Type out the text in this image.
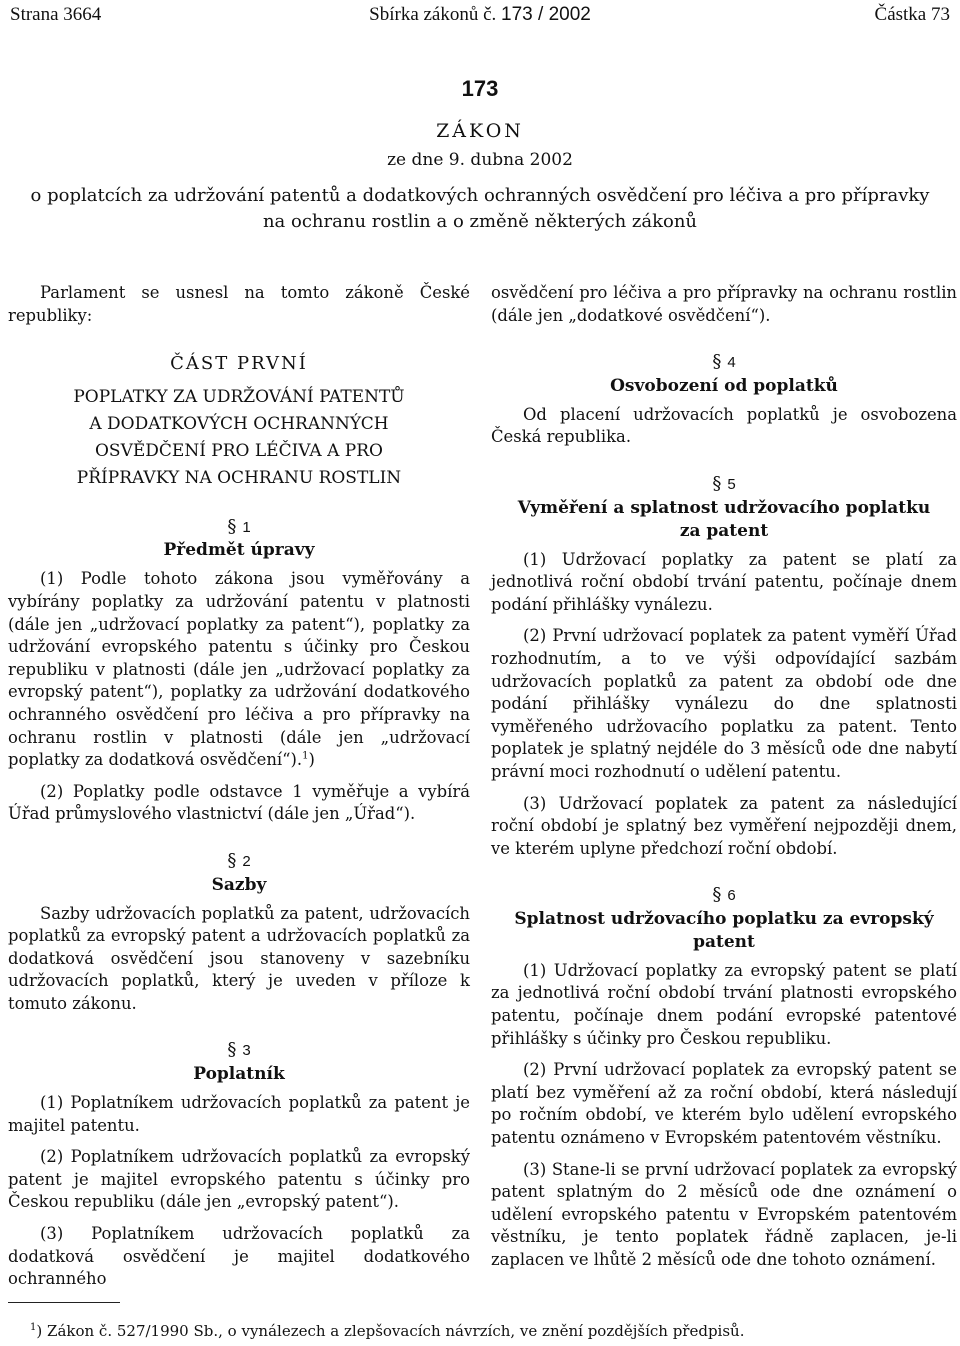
Strana 3664	Sbírka zákonů č. 173 / 2002	Částka 73
173
ZÁKON
ze dne 9. dubna 2002
o poplatcích za udržování patentů a dodatkových ochranných osvědčení pro léčiva a pro přípravky
na ochranu rostlin a o změně některých zákonů

Parlament se usnesl na tomto zákoně České republiky:

ČÁST PRVNÍ
POPLATKY ZA UDRŽOVÁNÍ PATENTŮ
A DODATKOVÝCH OCHRANNÝCH
OSVĚDČENÍ PRO LÉČIVA A PRO
PŘÍPRAVKY NA OCHRANU ROSTLIN
§ 1
Předmět úpravy

(1) Podle tohoto zákona jsou vyměřovány a vybírány poplatky za udržování patentu v platnosti (dále jen „udržovací poplatky za patent“), poplatky za udržování evropského patentu s účinky pro Českou republiku v platnosti (dále jen „udržovací poplatky za evropský patent“), poplatky za udržování dodatkového ochranného osvědčení pro léčiva a pro přípravky na ochranu rostlin v platnosti (dále jen „udržovací poplatky za dodatková osvědčení“).$^1$)

(2) Poplatky podle odstavce 1 vyměřuje a vybírá Úřad průmyslového vlastnictví (dále jen „Úřad“).

§ 2
Sazby

Sazby udržovacích poplatků za patent, udržovacích poplatků za evropský patent a udržovacích poplatků za dodatková osvědčení jsou stanoveny v sazebníku udržovacích poplatků, který je uveden v příloze k tomuto zákonu.

§ 3
Poplatník

(1) Poplatníkem udržovacích poplatků za patent je majitel patentu.

(2) Poplatníkem udržovacích poplatků za evropský patent je majitel evropského patentu s účinky pro Českou republiku (dále jen „evropský patent“).

(3) Poplatníkem udržovacích poplatků za dodatková osvědčení je majitel dodatkového ochranného

osvědčení pro léčiva a pro přípravky na ochranu rostlin (dále jen „dodatkové osvědčení“).

§ 4
Osvobození od poplatků

Od placení udržovacích poplatků je osvobozena Česká republika.

§ 5
Vyměření a splatnost udržovacího poplatku
za patent

(1) Udržovací poplatky za patent se platí za jednotlivá roční období trvání patentu, počínaje dnem podání přihlášky vynálezu.

(2) První udržovací poplatek za patent vyměří Úřad rozhodnutím, a to ve výši odpovídající sazbám udržovacích poplatků za patent za období ode dne podání přihlášky vynálezu do dne splatnosti vyměřeného udržovacího poplatku za patent. Tento poplatek je splatný nejdéle do 3 měsíců ode dne nabytí právní moci rozhodnutí o udělení patentu.

(3) Udržovací poplatek za patent za následující roční období je splatný bez vyměření nejpozději dnem, ve kterém uplyne předchozí roční období.

§ 6
Splatnost udržovacího poplatku za evropský patent

(1) Udržovací poplatky za evropský patent se platí za jednotlivá roční období trvání platnosti evropského patentu, počínaje dnem podání evropské patentové přihlášky s účinky pro Českou republiku.

(2) První udržovací poplatek za evropský patent se platí bez vyměření až za roční období, která následují po ročním období, ve kterém bylo udělení evropského patentu oznámeno v Evropském patentovém věstníku.

(3) Stane-li se první udržovací poplatek za evropský patent splatným do 2 měsíců ode dne oznámení o udělení evropského patentu v Evropském patentovém věstníku, je tento poplatek řádně zaplacen, je-li zaplacen ve lhůtě 2 měsíců ode dne tohoto oznámení.

$^1$) Zákon č. 527/1990 Sb., o vynálezech a zlepšovacích návrzích, ve znění pozdějších předpisů.
